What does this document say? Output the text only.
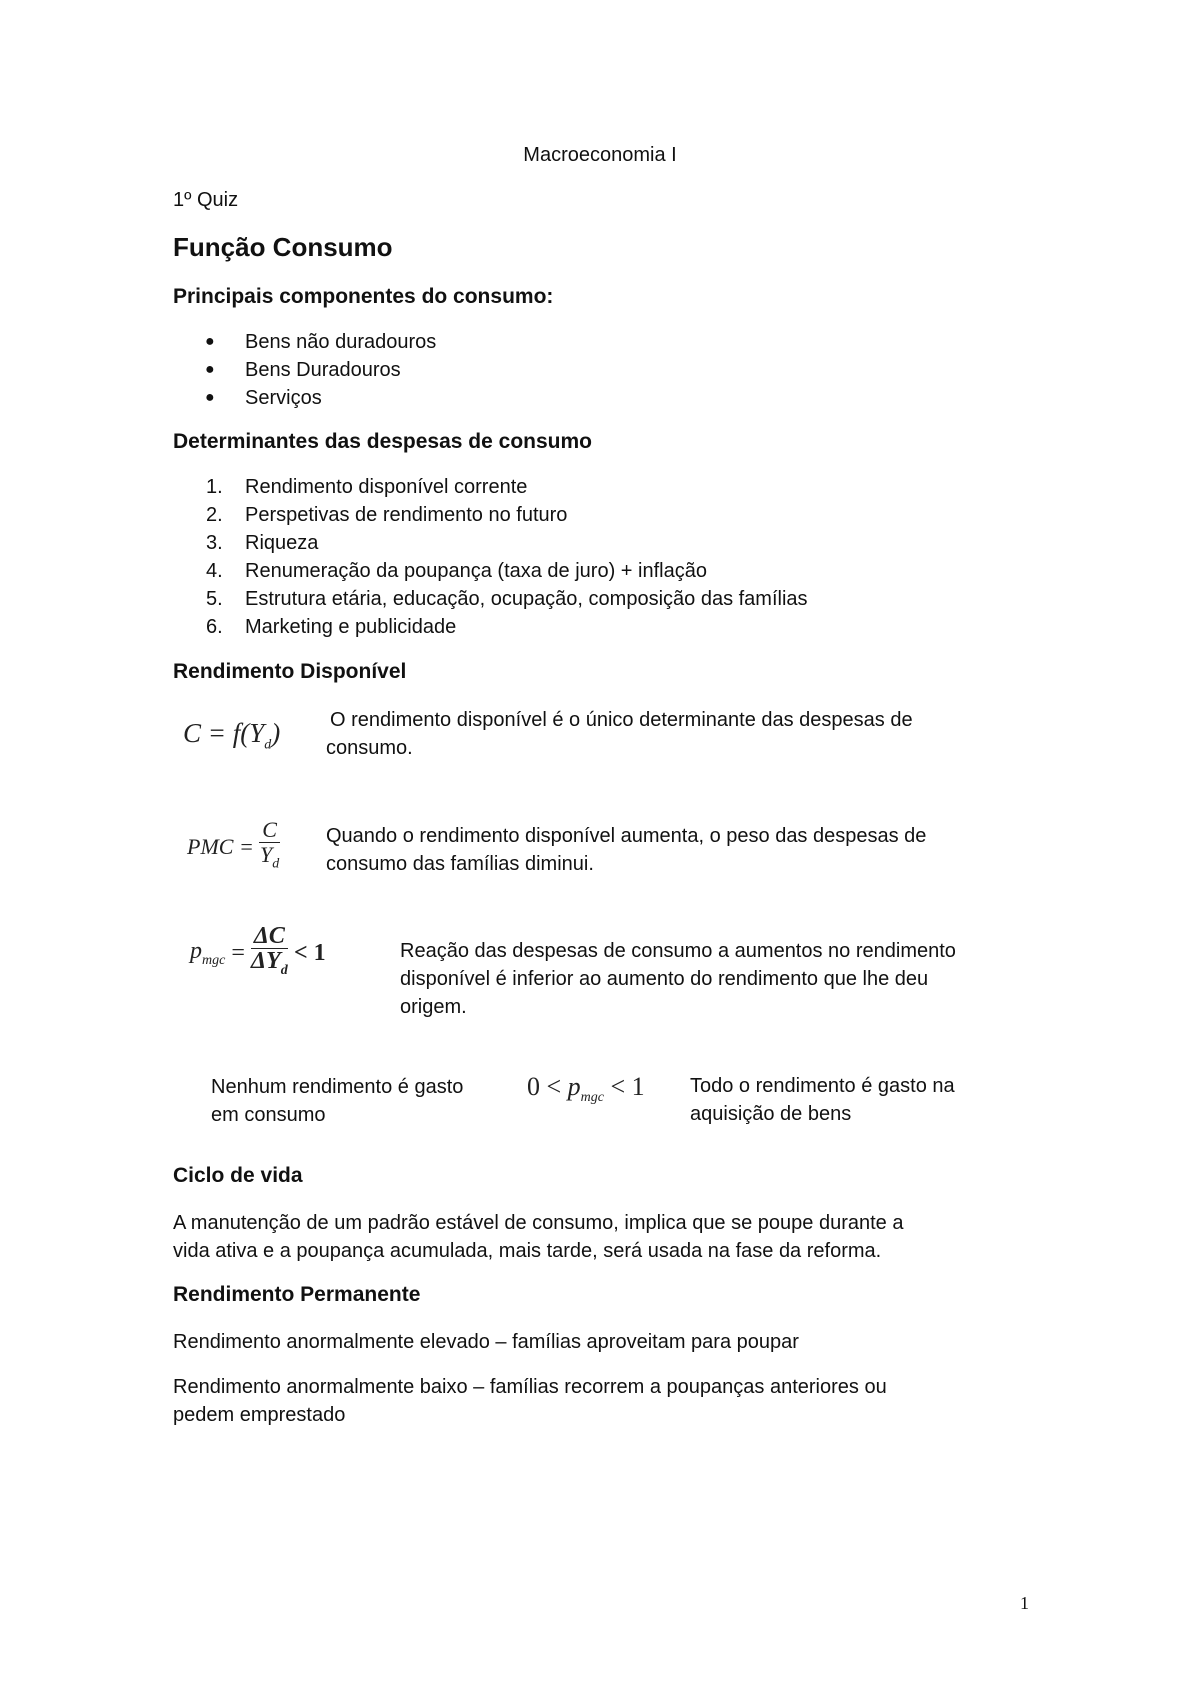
Macroeconomia I
1º Quiz
Função Consumo
Principais componentes do consumo:
● Bens não duradouros
● Bens Duradouros
● Serviços
Determinantes das despesas de consumo
1. Rendimento disponível corrente
2. Perspetivas de rendimento no futuro
3. Riqueza
4. Renumeração da poupança (taxa de juro) + inflação
5. Estrutura etária, educação, ocupação, composição das famílias
6. Marketing e publicidade
Rendimento Disponível
$C = f(Y_d)$ O rendimento disponível é o único determinante das despesas de
consumo.
PMC = $\frac{C}{Y_d}$ Quando o rendimento disponível aumenta, o peso das despesas de
consumo das famílias diminui.
$p_{mgc} = \frac{\Delta C}{\Delta Y_d} < 1$	Reação das despesas de consumo a aumentos no rendimento
disponível é inferior ao aumento do rendimento que lhe deu
origem.
Nenhum rendimento é gasto
em consumo
$0 < p_{mgc} < 1$	Todo o rendimento é gasto na
aquisição de bens
Ciclo de vida
A manutenção de um padrão estável de consumo, implica que se poupe durante a
vida ativa e a poupança acumulada, mais tarde, será usada na fase da reforma.
Rendimento Permanente
Rendimento anormalmente elevado – famílias aproveitam para poupar
Rendimento anormalmente baixo – famílias recorrem a poupanças anteriores ou
pedem emprestado
1
